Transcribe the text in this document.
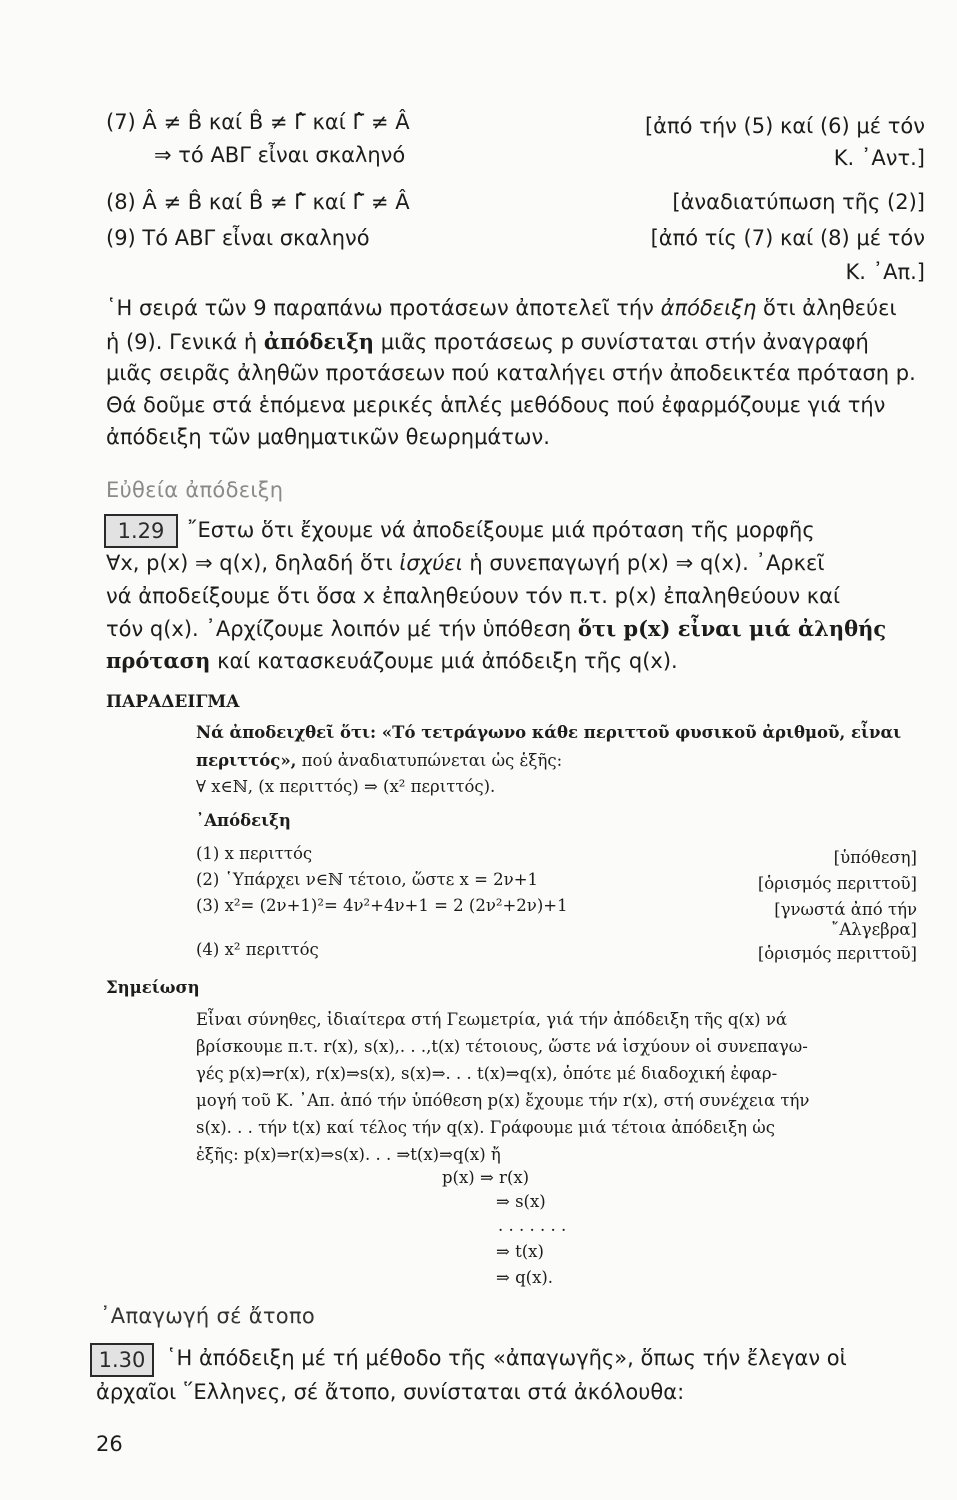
(7) Â ≠ B̂ καί B̂ ≠ Γ̂ καί Γ̂ ≠ Â	[ἀπό τήν (5) καί (6) μέ τόν
⇒ τό ΑΒΓ εἶναι σκαληνό	Κ. ᾿Αντ.]
(8) Â ≠ B̂ καί B̂ ≠ Γ̂ καί Γ̂ ≠ Â	[ἀναδιατύπωση τῆς (2)]
(9) Τό ΑΒΓ εἶναι σκαληνό	[ἀπό τίς (7) καί (8) μέ τόν
Κ. ᾿Απ.]
῾Η σειρά τῶν 9 παραπάνω προτάσεων ἀποτελεῖ τήν ἀπόδειξη ὅτι ἀληθεύει
ἡ (9). Γενικά ἡ ἀπόδειξη μιᾶς προτάσεως p συνίσταται στήν ἀναγραφή
μιᾶς σειρᾶς ἀληθῶν προτάσεων πού καταλήγει στήν ἀποδεικτέα πρόταση p.
Θά δοῦμε στά ἑπόμενα μερικές ἁπλές μεθόδους πού ἐφαρμόζουμε γιά τήν
ἀπόδειξη τῶν μαθηματικῶν θεωρημάτων.
Εὐθεία ἀπόδειξη
1.29	῎Εστω ὅτι ἔχουμε νά ἀποδείξουμε μιά πρόταση τῆς μορφῆς
∀x, p(x) ⇒ q(x), δηλαδή ὅτι ἰσχύει ἡ συνεπαγωγή p(x) ⇒ q(x). ᾿Αρκεῖ
νά ἀποδείξουμε ὅτι ὅσα x ἐπαληθεύουν τόν π.τ. p(x) ἐπαληθεύουν καί
τόν q(x). ᾿Αρχίζουμε λοιπόν μέ τήν ὑπόθεση ὅτι p(x) εἶναι μιά ἀληθής
πρόταση καί κατασκευάζουμε μιά ἀπόδειξη τῆς q(x).
ΠΑΡΑΔΕΙΓΜΑ
Νά ἀποδειχθεῖ ὅτι: «Τό τετράγωνο κάθε περιττοῦ φυσικοῦ ἀριθμοῦ, εἶναι
περιττός», πού ἀναδιατυπώνεται ὡς ἑξῆς:
∀ x∈ℕ, (x περιττός) ⇒ (x² περιττός).
᾿Απόδειξη
(1) x περιττός	[ὑπόθεση]
(2) ῾Υπάρχει ν∈ℕ τέτοιο, ὥστε x = 2ν+1	[ὁρισμός περιττοῦ]
(3) x²= (2ν+1)²= 4ν²+4ν+1 = 2 (2ν²+2ν)+1	[γνωστά ἀπό τήν
῎Αλγεβρα]
(4) x² περιττός	[ὁρισμός περιττοῦ]
Σημείωση
Εἶναι σύνηθες, ἰδιαίτερα στή Γεωμετρία, γιά τήν ἀπόδειξη τῆς q(x) νά
βρίσκουμε π.τ. r(x), s(x),. . .,t(x) τέτοιους, ὥστε νά ἰσχύουν οἱ συνεπαγω-
γές p(x)⇒r(x), r(x)⇒s(x), s(x)⇒. . . t(x)⇒q(x), ὁπότε μέ διαδοχική ἐφαρ-
μογή τοῦ Κ. ᾿Απ. ἀπό τήν ὑπόθεση p(x) ἔχουμε τήν r(x), στή συνέχεια τήν
s(x). . . τήν t(x) καί τέλος τήν q(x). Γράφουμε μιά τέτοια ἀπόδειξη ὡς
ἑξῆς: p(x)⇒r(x)⇒s(x). . . ⇒t(x)⇒q(x) ἤ
p(x) ⇒ r(x)
⇒ s(x)
. . . . . . .
⇒ t(x)
⇒ q(x).
᾿Απαγωγή σέ ἄτοπο
1.30 ῾Η ἀπόδειξη μέ τή μέθοδο τῆς «ἀπαγωγῆς», ὅπως τήν ἔλεγαν οἱ
ἀρχαῖοι ῞Ελληνες, σέ ἄτοπο, συνίσταται στά ἀκόλουθα:
26
